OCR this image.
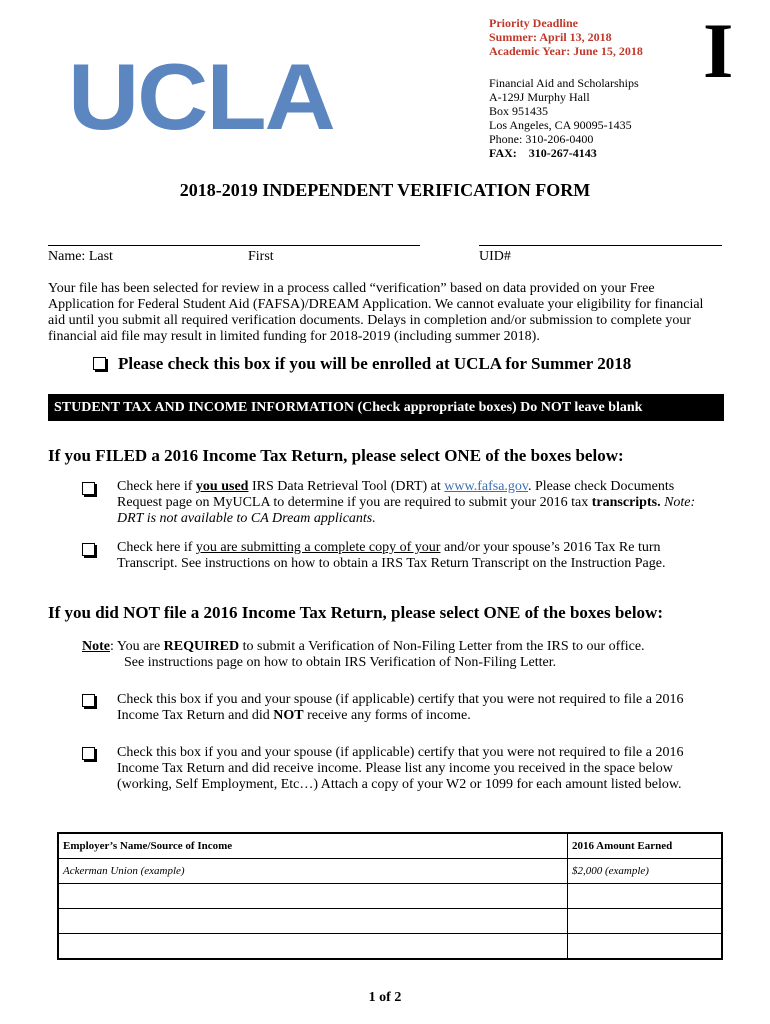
UCLA
Priority Deadline
Summer: April 13, 2018
Academic Year: June 15, 2018
Financial Aid and Scholarships
A-129J Murphy Hall
Box 951435
Los Angeles, CA 90095-1435
Phone: 310-206-0400
FAX: 310-267-4143
I
2018-2019 INDEPENDENT VERIFICATION FORM
Name: Last	First	UID#
Your file has been selected for review in a process called “verification” based on data provided on your Free Application for Federal Student Aid (FAFSA)/DREAM Application. We cannot evaluate your eligibility for financial aid until you submit all required verification documents. Delays in completion and/or submission to complete your financial aid file may result in limited funding for 2018-2019 (including summer 2018).
Please check this box if you will be enrolled at UCLA for Summer 2018
STUDENT TAX AND INCOME INFORMATION (Check appropriate boxes) Do NOT leave blank
If you FILED a 2016 Income Tax Return, please select ONE of the boxes below:
Check here if you used IRS Data Retrieval Tool (DRT) at www.fafsa.gov. Please check Documents Request page on MyUCLA to determine if you are required to submit your 2016 tax transcripts. Note: DRT is not available to CA Dream applicants.
Check here if you are submitting a complete copy of your and/or your spouse’s 2016 Tax Re turn Transcript. See instructions on how to obtain a IRS Tax Return Transcript on the Instruction Page.
If you did NOT file a 2016 Income Tax Return, please select ONE of the boxes below:
Note: You are REQUIRED to submit a Verification of Non-Filing Letter from the IRS to our office.
See instructions page on how to obtain IRS Verification of Non-Filing Letter.
Check this box if you and your spouse (if applicable) certify that you were not required to file a 2016 Income Tax Return and did NOT receive any forms of income.
Check this box if you and your spouse (if applicable) certify that you were not required to file a 2016 Income Tax Return and did receive income. Please list any income you received in the space below (working, Self Employment, Etc…) Attach a copy of your W2 or 1099 for each amount listed below.
Employer’s Name/Source of Income	2016 Amount Earned
Ackerman Union (example)	$2,000 (example)

1 of 2
